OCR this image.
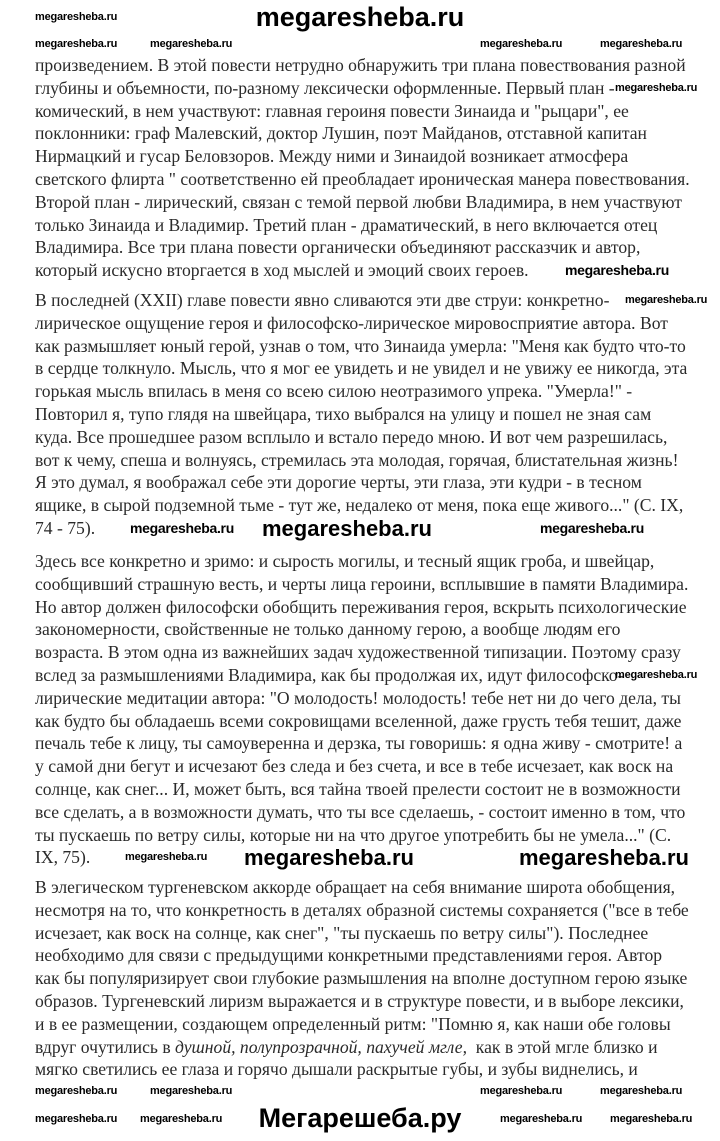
megaresheba.ru
произведением. В этой повести нетрудно обнаружить три плана повествования разной
глубины и объемности, по-разному лексически оформленные. Первый план -
комический, в нем участвуют: главная героиня повести Зинаида и "рыцари", ее
поклонники: граф Малевский, доктор Лушин, поэт Майданов, отставной капитан
Нирмацкий и гусар Беловзоров. Между ними и Зинаидой возникает атмосфера
светского флирта " соответственно ей преобладает ироническая манера повествования.
Второй план - лирический, связан с темой первой любви Владимира, в нем участвуют
только Зинаида и Владимир. Третий план - драматический, в него включается отец
Владимира. Все три плана повести органически объединяют рассказчик и автор,
который искусно вторгается в ход мыслей и эмоций своих героев.
В последней (XXII) главе повести явно сливаются эти две струи: конкретно-
лирическое ощущение героя и философско-лирическое мировосприятие автора. Вот
как размышляет юный герой, узнав о том, что Зинаида умерла: "Меня как будто что-то
в сердце толкнуло. Мысль, что я мог ее увидеть и не увидел и не увижу ее никогда, эта
горькая мысль впилась в меня со всею силою неотразимого упрека. "Умерла!" -
Повторил я, тупо глядя на швейцара, тихо выбрался на улицу и пошел не зная сам
куда. Все прошедшее разом всплыло и встало передо мною. И вот чем разрешилась,
вот к чему, спеша и волнуясь, стремилась эта молодая, горячая, блистательная жизнь!
Я это думал, я воображал себе эти дорогие черты, эти глаза, эти кудри - в тесном
ящике, в сырой подземной тьме - тут же, недалеко от меня, пока еще живого..." (С. IX,
74 - 75).
Здесь все конкретно и зримо: и сырость могилы, и тесный ящик гроба, и швейцар,
сообщивший страшную весть, и черты лица героини, всплывшие в памяти Владимира.
Но автор должен философски обобщить переживания героя, вскрыть психологические
закономерности, свойственные не только данному герою, а вообще людям его
возраста. В этом одна из важнейших задач художественной типизации. Поэтому сразу
вслед за размышлениями Владимира, как бы продолжая их, идут философско-
лирические медитации автора: "О молодость! молодость! тебе нет ни до чего дела, ты
как будто бы обладаешь всеми сокровищами вселенной, даже грусть тебя тешит, даже
печаль тебе к лицу, ты самоуверенна и дерзка, ты говоришь: я одна живу - смотрите! а
у самой дни бегут и исчезают без следа и без счета, и все в тебе исчезает, как воск на
солнце, как снег... И, может быть, вся тайна твоей прелести состоит не в возможности
все сделать, а в возможности думать, что ты все сделаешь, - состоит именно в том, что
ты пускаешь по ветру силы, которые ни на что другое употребить бы не умела..." (С.
IX, 75).
В элегическом тургеневском аккорде обращает на себя внимание широта обобщения,
несмотря на то, что конкретность в деталях образной системы сохраняется ("все в тебе
исчезает, как воск на солнце, как снег", "ты пускаешь по ветру силы"). Последнее
необходимо для связи с предыдущими конкретными представлениями героя. Автор
как бы популяризирует свои глубокие размышления на вполне доступном герою языке
образов. Тургеневский лиризм выражается и в структуре повести, и в выборе лексики,
и в ее размещении, создающем определенный ритм: "Помню я, как наши обе головы
вдруг очутились в душной, полупрозрачной, пахучей мгле,  как в этой мгле близко и
мягко светились ее глаза и горячо дышали раскрытые губы, и зубы виднелись, и
megaresheba.ru
megaresheba.ru	megaresheba.ru	megaresheba.ru	megaresheba.ru
megaresheba.ru
megaresheba.ru
megaresheba.ru
megaresheba.ru megaresheba.ru	megaresheba.ru
megaresheba.ru
megaresheba.ru megaresheba.ru	megaresheba.ru
megaresheba.ru	megaresheba.ru	megaresheba.ru	megaresheba.ru
megaresheba.ru megaresheba.ru	megaresheba.ru	megaresheba.ru
Мегарешеба.ру
